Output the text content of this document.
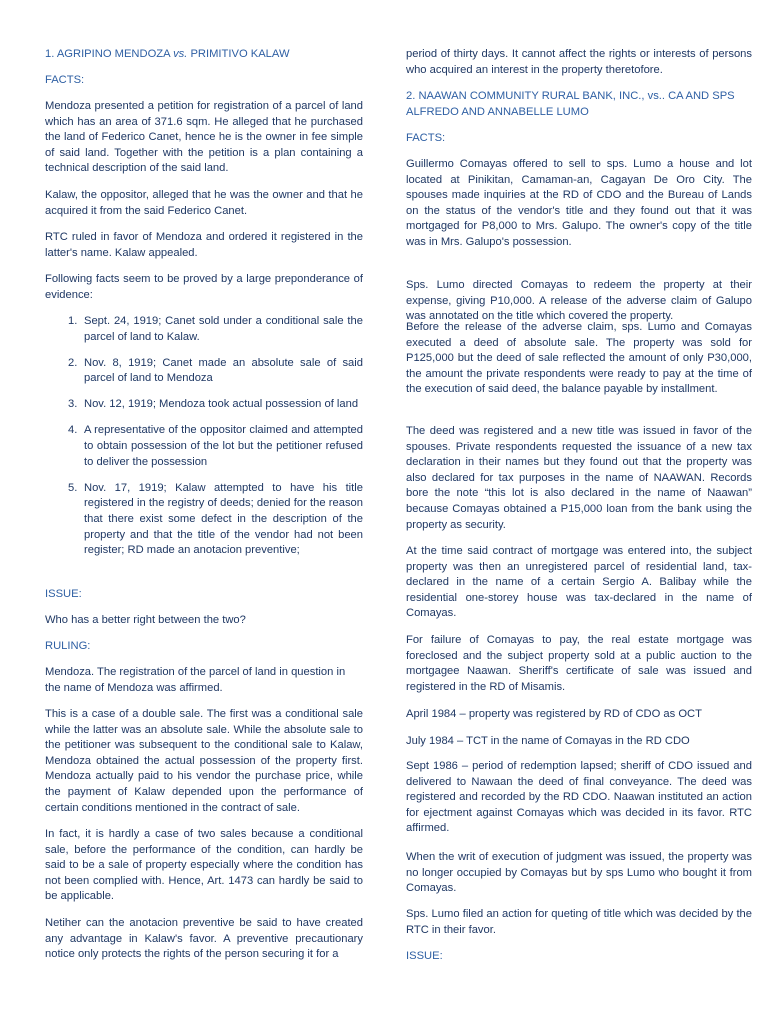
1. AGRIPINO MENDOZA vs. PRIMITIVO KALAW

FACTS:

Mendoza presented a petition for registration of a parcel of land which has an area of 371.6 sqm. He alleged that he purchased the land of Federico Canet, hence he is the owner in fee simple of said land. Together with the petition is a plan containing a technical description of the said land.

Kalaw, the oppositor, alleged that he was the owner and that he acquired it from the said Federico Canet.

RTC ruled in favor of Mendoza and ordered it registered in the latter's name. Kalaw appealed.

Following facts seem to be proved by a large preponderance of evidence:

1. Sept. 24, 1919; Canet sold under a conditional sale the parcel of land to Kalaw.
2. Nov. 8, 1919; Canet made an absolute sale of said parcel of land to Mendoza
3. Nov. 12, 1919; Mendoza took actual possession of land
4. A representative of the oppositor claimed and attempted to obtain possession of the lot but the petitioner refused to deliver the possession
5. Nov. 17, 1919; Kalaw attempted to have his title registered in the registry of deeds; denied for the reason that there exist some defect in the description of the property and that the title of the vendor had not been register; RD made an anotacion preventive;

ISSUE:

Who has a better right between the two?

RULING:

Mendoza. The registration of the parcel of land in question in the name of Mendoza was affirmed.

This is a case of a double sale. The first was a conditional sale while the latter was an absolute sale. While the absolute sale to the petitioner was subsequent to the conditional sale to Kalaw, Mendoza obtained the actual possession of the property first. Mendoza actually paid to his vendor the purchase price, while the payment of Kalaw depended upon the performance of certain conditions mentioned in the contract of sale.

In fact, it is hardly a case of two sales because a conditional sale, before the performance of the condition, can hardly be said to be a sale of property especially where the condition has not been complied with. Hence, Art. 1473 can hardly be said to be applicable.

Netiher can the anotacion preventive be said to have created any advantage in Kalaw's favor. A preventive precautionary notice only protects the rights of the person securing it for a

period of thirty days. It cannot affect the rights or interests of persons who acquired an interest in the property theretofore.

2. NAAWAN COMMUNITY RURAL BANK, INC., vs.. CA AND SPS ALFREDO AND ANNABELLE LUMO

FACTS:

Guillermo Comayas offered to sell to sps. Lumo a house and lot located at Pinikitan, Camaman-an, Cagayan De Oro City. The spouses made inquiries at the RD of CDO and the Bureau of Lands on the status of the vendor's title and they found out that it was mortgaged for P8,000 to Mrs. Galupo. The owner's copy of the title was in Mrs. Galupo's possession.

Sps. Lumo directed Comayas to redeem the property at their expense, giving P10,000. A release of the adverse claim of Galupo was annotated on the title which covered the property.

Before the release of the adverse claim, sps. Lumo and Comayas executed a deed of absolute sale. The property was sold for P125,000 but the deed of sale reflected the amount of only P30,000, the amount the private respondents were ready to pay at the time of the execution of said deed, the balance payable by installment.

The deed was registered and a new title was issued in favor of the spouses. Private respondents requested the issuance of a new tax declaration in their names but they found out that the property was also declared for tax purposes in the name of NAAWAN. Records bore the note “this lot is also declared in the name of Naawan” because Comayas obtained a P15,000 loan from the bank using the property as security.

At the time said contract of mortgage was entered into, the subject property was then an unregistered parcel of residential land, tax-declared in the name of a certain Sergio A. Balibay while the residential one-storey house was tax-declared in the name of Comayas.

For failure of Comayas to pay, the real estate mortgage was foreclosed and the subject property sold at a public auction to the mortgagee Naawan. Sheriff's certificate of sale was issued and registered in the RD of Misamis.

April 1984 – property was registered by RD of CDO as OCT

July 1984 – TCT in the name of Comayas in the RD CDO

Sept 1986 – period of redemption lapsed; sheriff of CDO issued and delivered to Nawaan the deed of final conveyance. The deed was registered and recorded by the RD CDO. Naawan instituted an action for ejectment against Comayas which was decided in its favor. RTC affirmed.

When the writ of execution of judgment was issued, the property was no longer occupied by Comayas but by sps Lumo who bought it from Comayas.

Sps. Lumo filed an action for queting of title which was decided by the RTC in their favor.

ISSUE:
